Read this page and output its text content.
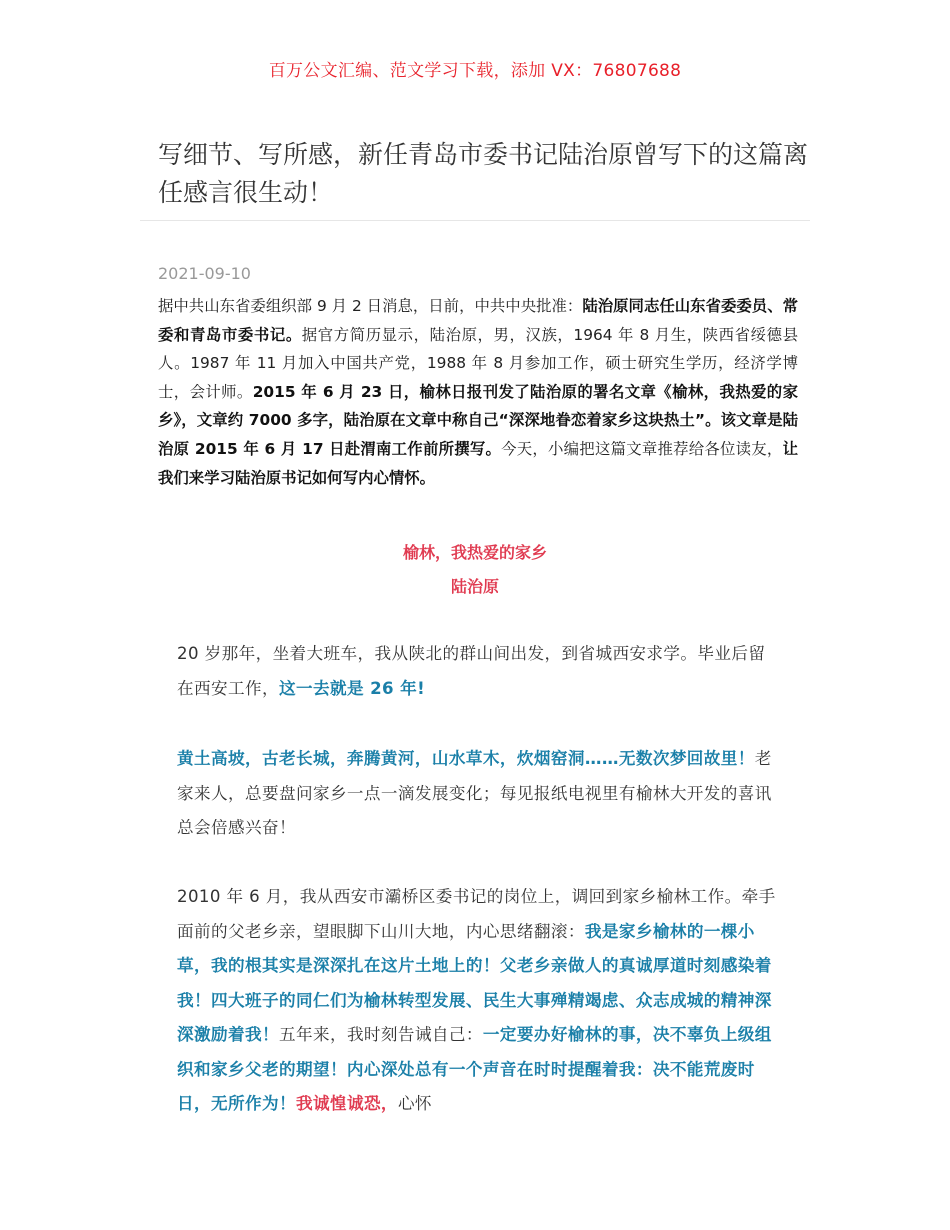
百万公文汇编、范文学习下载，添加 VX：76807688
写细节、写所感，新任青岛市委书记陆治原曾写下的这篇离任感言很生动！
2021-09-10

据中共山东省委组织部 9 月 2 日消息，日前，中共中央批准：陆治原同志任山东省委委员、常委和青岛市委书记。据官方简历显示，陆治原，男，汉族，1964 年 8 月生，陕西省绥德县人。1987 年 11 月加入中国共产党，1988 年 8 月参加工作，硕士研究生学历，经济学博士，会计师。2015 年 6 月 23 日，榆林日报刊发了陆治原的署名文章《榆林，我热爱的家乡》，文章约 7000 多字，陆治原在文章中称自己“深深地眷恋着家乡这块热土”。该文章是陆治原 2015 年 6 月 17 日赴渭南工作前所撰写。今天，小编把这篇文章推荐给各位读友，让我们来学习陆治原书记如何写内心情怀。

榆林，我热爱的家乡
陆治原

20 岁那年，坐着大班车，我从陕北的群山间出发，到省城西安求学。毕业后留在西安工作，这一去就是 26 年!

黄土高坡，古老长城，奔腾黄河，山水草木，炊烟窑洞……无数次梦回故里！老家来人，总要盘问家乡一点一滴发展变化；每见报纸电视里有榆林大开发的喜讯总会倍感兴奋！

2010 年 6 月，我从西安市灞桥区委书记的岗位上，调回到家乡榆林工作。牵手面前的父老乡亲，望眼脚下山川大地，内心思绪翻滚：我是家乡榆林的一棵小草，我的根其实是深深扎在这片土地上的！父老乡亲做人的真诚厚道时刻感染着我！四大班子的同仁们为榆林转型发展、民生大事殚精竭虑、众志成城的精神深深激励着我！五年来，我时刻告诫自己：一定要办好榆林的事，决不辜负上级组织和家乡父老的期望！内心深处总有一个声音在时时提醒着我：决不能荒废时日，无所作为！我诚惶诚恐，心怀
